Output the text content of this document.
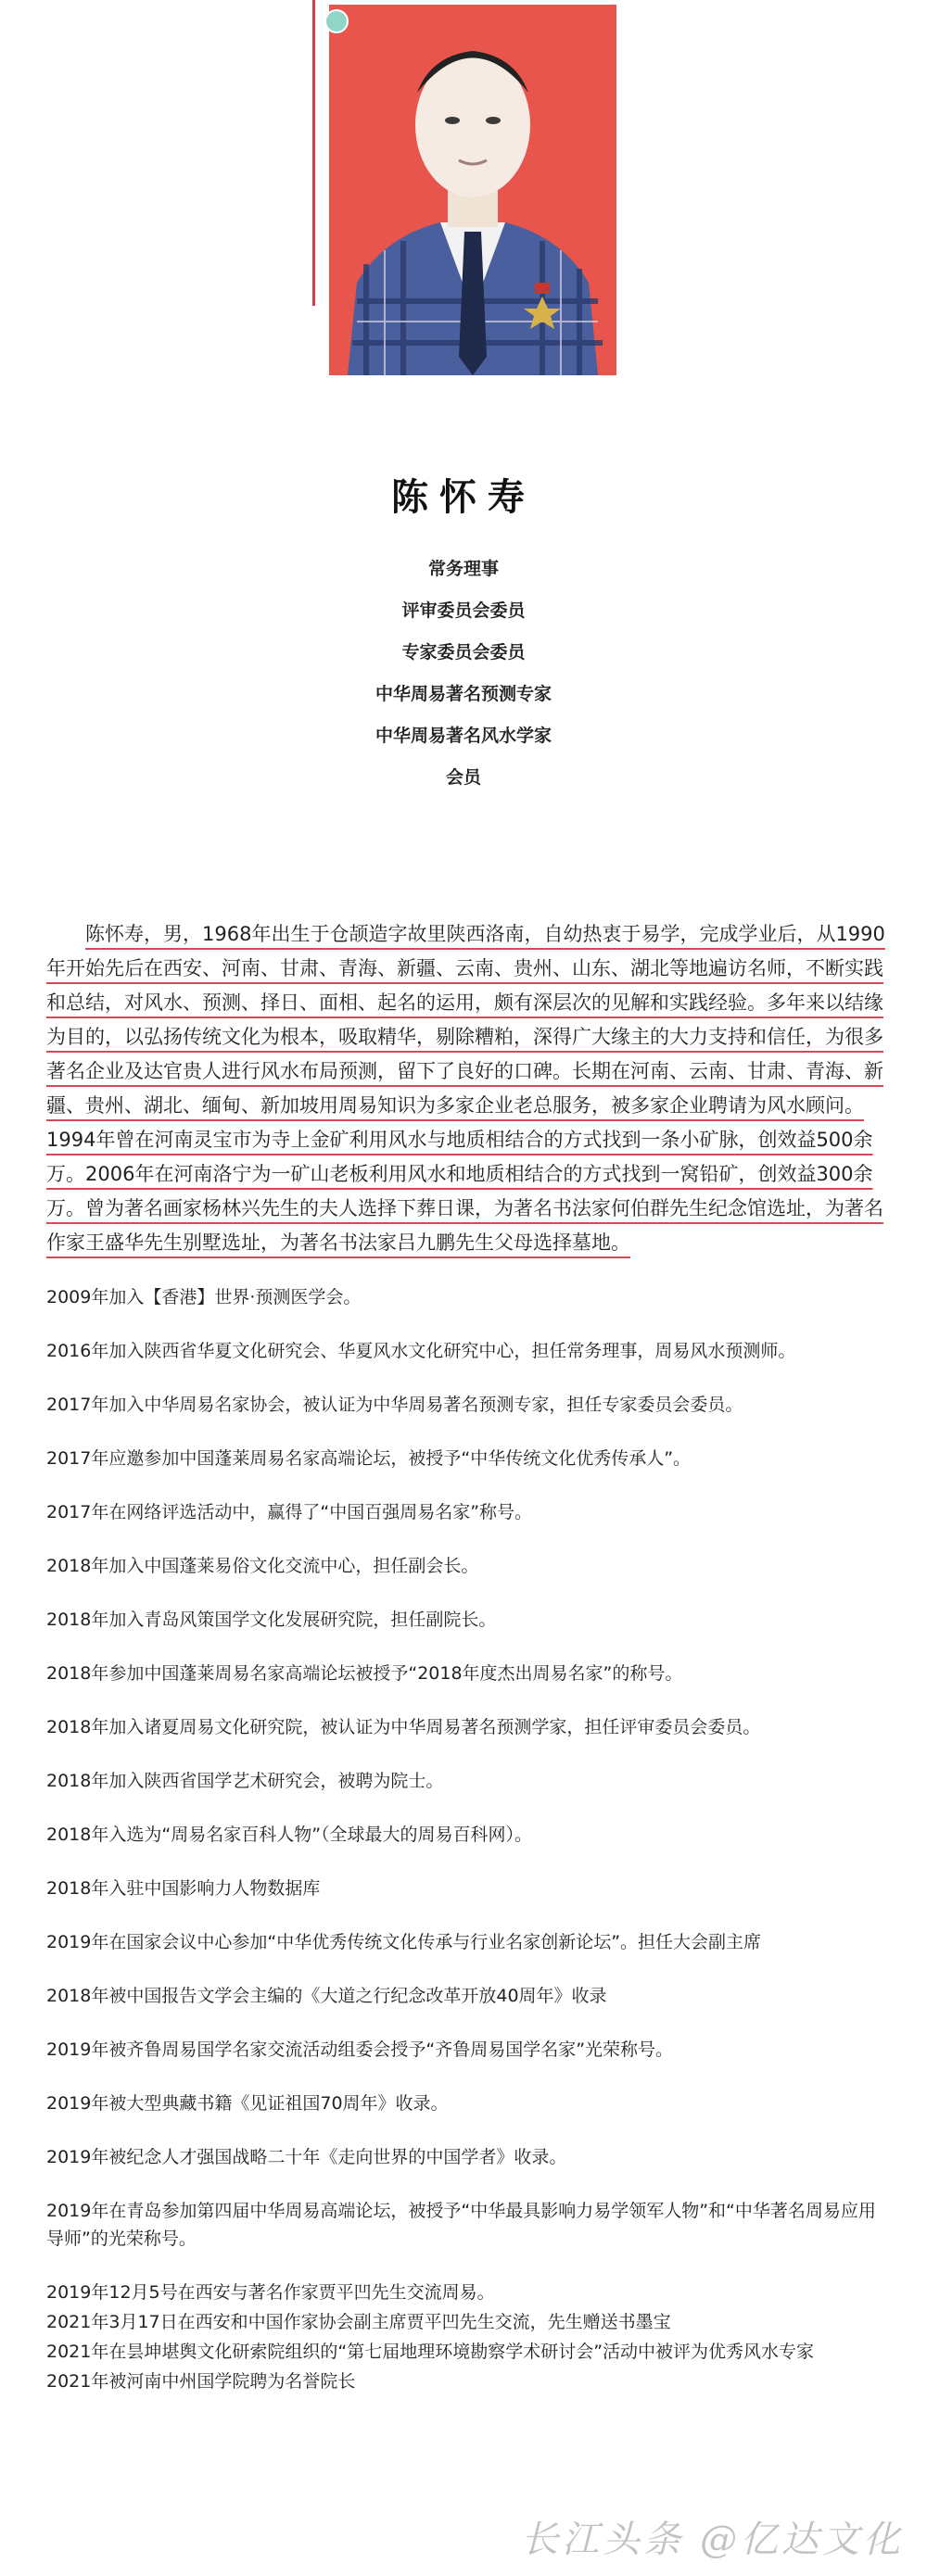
陈怀寿
常务理事
评审委员会委员
专家委员会委员
中华周易著名预测专家
中华周易著名风水学家
会员
陈怀寿，男，1968年出生于仓颉造字故里陕西洛南，自幼热衷于易学，完成学业后，从1990年开始先后在西安、河南、甘肃、青海、新疆、云南、贵州、山东、湖北等地遍访名师，不断实践和总结，对风水、预测、择日、面相、起名的运用，颇有深层次的见解和实践经验。多年来以结缘为目的，以弘扬传统文化为根本，吸取精华，剔除糟粕，深得广大缘主的大力支持和信任，为很多著名企业及达官贵人进行风水布局预测，留下了良好的口碑。长期在河南、云南、甘肃、青海、新疆、贵州、湖北、缅甸、新加坡用周易知识为多家企业老总服务，被多家企业聘请为风水顾问。1994年曾在河南灵宝市为寺上金矿利用风水与地质相结合的方式找到一条小矿脉，创效益500余万。2006年在河南洛宁为一矿山老板利用风水和地质相结合的方式找到一窝铅矿，创效益300余万。曾为著名画家杨林兴先生的夫人选择下葬日课，为著名书法家何伯群先生纪念馆选址，为著名作家王盛华先生别墅选址，为著名书法家吕九鹏先生父母选择墓地。
2009年加入【香港】世界·预测医学会。
2016年加入陕西省华夏文化研究会、华夏风水文化研究中心，担任常务理事，周易风水预测师。
2017年加入中华周易名家协会，被认证为中华周易著名预测专家，担任专家委员会委员。
2017年应邀参加中国蓬莱周易名家高端论坛，被授予“中华传统文化优秀传承人”。
2017年在网络评选活动中，赢得了“中国百强周易名家”称号。
2018年加入中国蓬莱易俗文化交流中心，担任副会长。
2018年加入青岛风策国学文化发展研究院，担任副院长。
2018年参加中国蓬莱周易名家高端论坛被授予“2018年度杰出周易名家”的称号。
2018年加入诸夏周易文化研究院，被认证为中华周易著名预测学家，担任评审委员会委员。
2018年加入陕西省国学艺术研究会，被聘为院士。
2018年入选为“周易名家百科人物”（全球最大的周易百科网）。
2018年入驻中国影响力人物数据库
2019年在国家会议中心参加“中华优秀传统文化传承与行业名家创新论坛”。担任大会副主席
2018年被中国报告文学会主编的《大道之行纪念改革开放40周年》收录
2019年被齐鲁周易国学名家交流活动组委会授予“齐鲁周易国学名家”光荣称号。
2019年被大型典藏书籍《见证祖国70周年》收录。
2019年被纪念人才强国战略二十年《走向世界的中国学者》收录。
2019年在青岛参加第四届中华周易高端论坛，被授予“中华最具影响力易学领军人物”和“中华著名周易应用导师”的光荣称号。
2019年12月5号在西安与著名作家贾平凹先生交流周易。
2021年3月17日在西安和中国作家协会副主席贾平凹先生交流，先生赠送书墨宝
2021年在昙坤堪舆文化研索院组织的“第七届地理环境勘察学术研讨会”活动中被评为优秀风水专家
2021年被河南中州国学院聘为名誉院长
长江头条 @亿达文化
